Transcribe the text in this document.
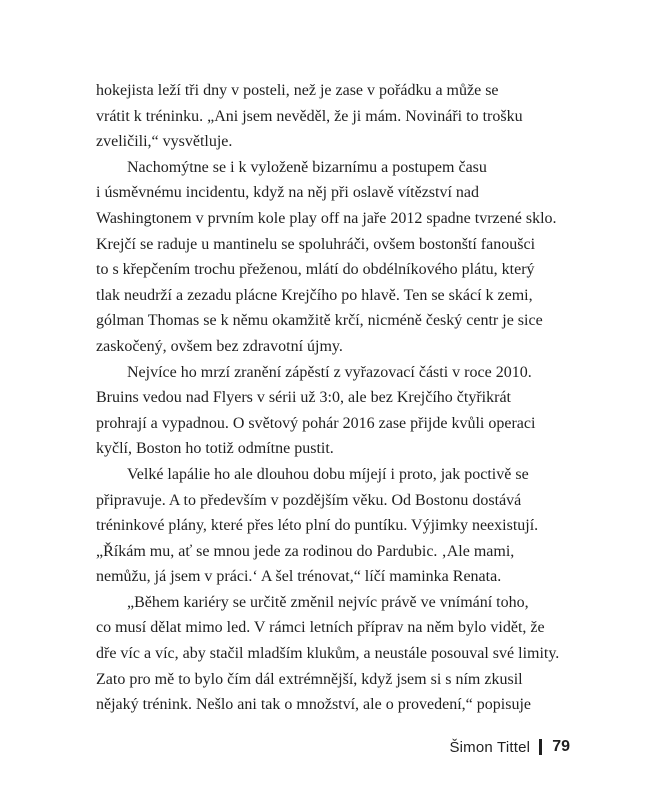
hokejista leží tři dny v posteli, než je zase v pořádku a může se
vrátit k tréninku. „Ani jsem nevěděl, že ji mám. Novináři to trošku
zveličili,“ vysvětluje.
Nachomýtne se i k vyloženě bizarnímu a postupem času
i úsměvnému incidentu, když na něj při oslavě vítězství nad
Washingtonem v prvním kole play off na jaře 2012 spadne tvrzené sklo.
Krejčí se raduje u mantinelu se spoluhráči, ovšem bostonští fanoušci
to s křepčením trochu přeženou, mlátí do obdélníkového plátu, který
tlak neudrží a zezadu plácne Krejčího po hlavě. Ten se skácí k zemi,
gólman Thomas se k němu okamžitě krčí, nicméně český centr je sice
zaskočený, ovšem bez zdravotní újmy.
Nejvíce ho mrzí zranění zápěstí z vyřazovací části v roce 2010.
Bruins vedou nad Flyers v sérii už 3:0, ale bez Krejčího čtyřikrát
prohrají a vypadnou. O světový pohár 2016 zase přijde kvůli operaci
kyčlí, Boston ho totiž odmítne pustit.
Velké lapálie ho ale dlouhou dobu míjejí i proto, jak poctivě se
připravuje. A to především v pozdějším věku. Od Bostonu dostává
tréninkové plány, které přes léto plní do puntíku. Výjimky neexistují.
„Říkám mu, ať se mnou jede za rodinou do Pardubic. ‚Ale mami,
nemůžu, já jsem v práci.‘ A šel trénovat,“ líčí maminka Renata.
„Během kariéry se určitě změnil nejvíc právě ve vnímání toho,
co musí dělat mimo led. V rámci letních příprav na něm bylo vidět, že
dře víc a víc, aby stačil mladším klukům, a neustále posouval své limity.
Zato pro mě to bylo čím dál extrémnější, když jsem si s ním zkusil
nějaký trénink. Nešlo ani tak o množství, ale o provedení,“ popisuje
Šimon Tittel 79
